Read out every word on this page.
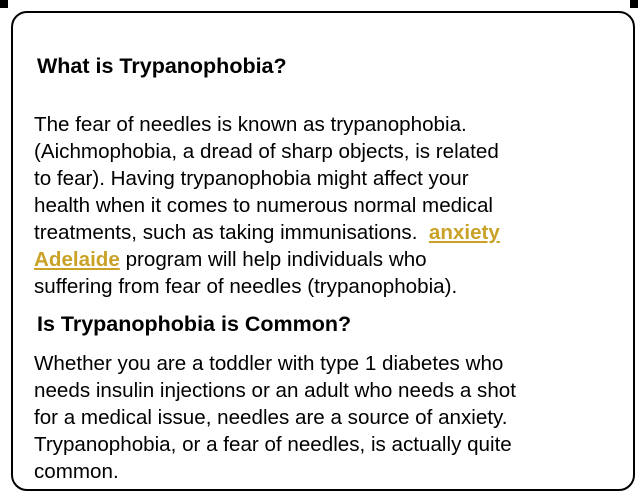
What is Trypanophobia?

The fear of needles is known as trypanophobia.
(Aichmophobia, a dread of sharp objects, is related
to fear). Having trypanophobia might affect your
health when it comes to numerous normal medical
treatments, such as taking immunisations.  anxiety
Adelaide program will help individuals who
suffering from fear of needles (trypanophobia).

Is Trypanophobia is Common?

Whether you are a toddler with type 1 diabetes who
needs insulin injections or an adult who needs a shot
for a medical issue, needles are a source of anxiety.
Trypanophobia, or a fear of needles, is actually quite
common.
